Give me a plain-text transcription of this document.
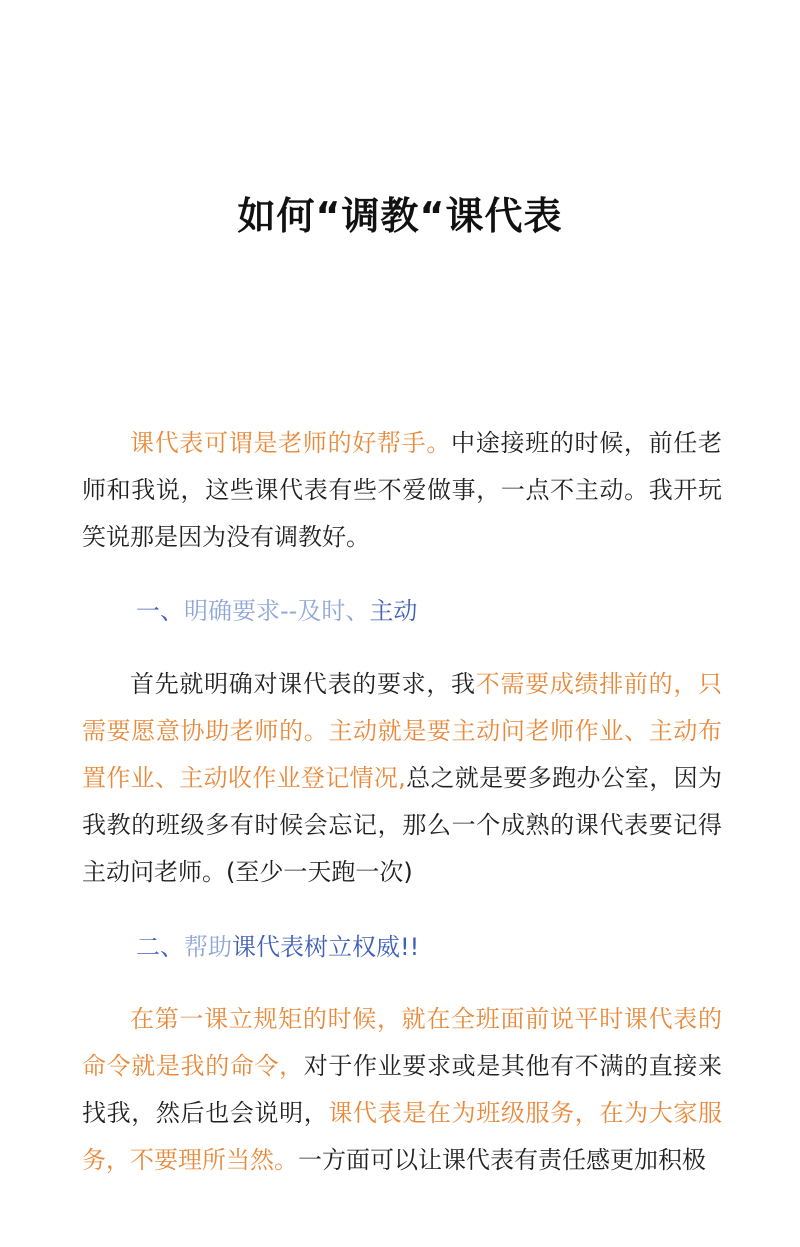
如何“调教“课代表

课代表可谓是老师的好帮手。中途接班的时候，前任老师和我说，这些课代表有些不爱做事，一点不主动。我开玩笑说那是因为没有调教好。

一、明确要求--及时、主动

首先就明确对课代表的要求，我不需要成绩排前的，只需要愿意协助老师的。主动就是要主动问老师作业、主动布置作业、主动收作业登记情况,总之就是要多跑办公室，因为我教的班级多有时候会忘记，那么一个成熟的课代表要记得主动问老师。(至少一天跑一次)

二、帮助课代表树立权威!!

在第一课立规矩的时候，就在全班面前说平时课代表的命令就是我的命令，对于作业要求或是其他有不满的直接来找我，然后也会说明，课代表是在为班级服务，在为大家服务，不要理所当然。一方面可以让课代表有责任感更加积极
